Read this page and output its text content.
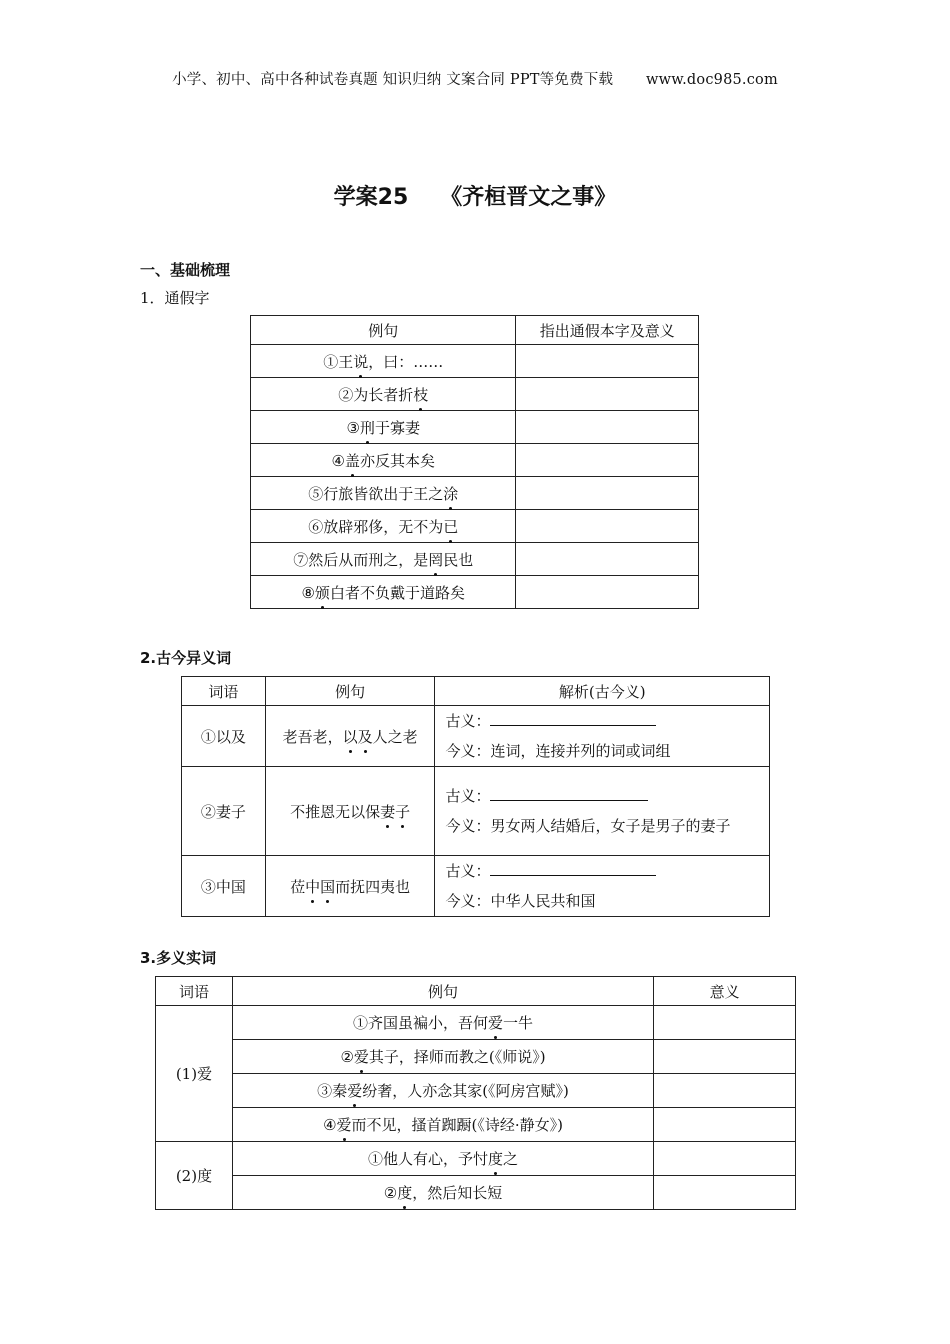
小学、初中、高中各种试卷真题 知识归纳 文案合同 PPT等免费下载 www.doc985.com
学案25 《齐桓晋文之事》
一、基础梳理
1．通假字
例句	指出通假本字及意义
①王说，曰：……	
②为长者折枝	
③刑于寡妻	
④盖亦反其本矣	
⑤行旅皆欲出于王之涂	
⑥放辟邪侈，无不为已	
⑦然后从而刑之，是罔民也	
⑧颁白者不负戴于道路矣	
2.古今异义词
词语	例句	解析(古今义)
①以及	老吾老，以及人之老	古义：
今义：连词，连接并列的词或词组

②妻子	不推恩无以保妻子	古义：
今义：男女两人结婚后，女子是男子的妻子

③中国	莅中国而抚四夷也	古义：
今义：中华人民共和国
3.多义实词
词语	例句	意义
(1)爱	①齐国虽褊小，吾何爱一牛	
	②爱其子，择师而教之(《师说》)	
	③秦爱纷奢，人亦念其家(《阿房宫赋》)	
	④爱而不见，搔首踟蹰(《诗经·静女》)	
(2)度	①他人有心，予忖度之	
	②度，然后知长短	
